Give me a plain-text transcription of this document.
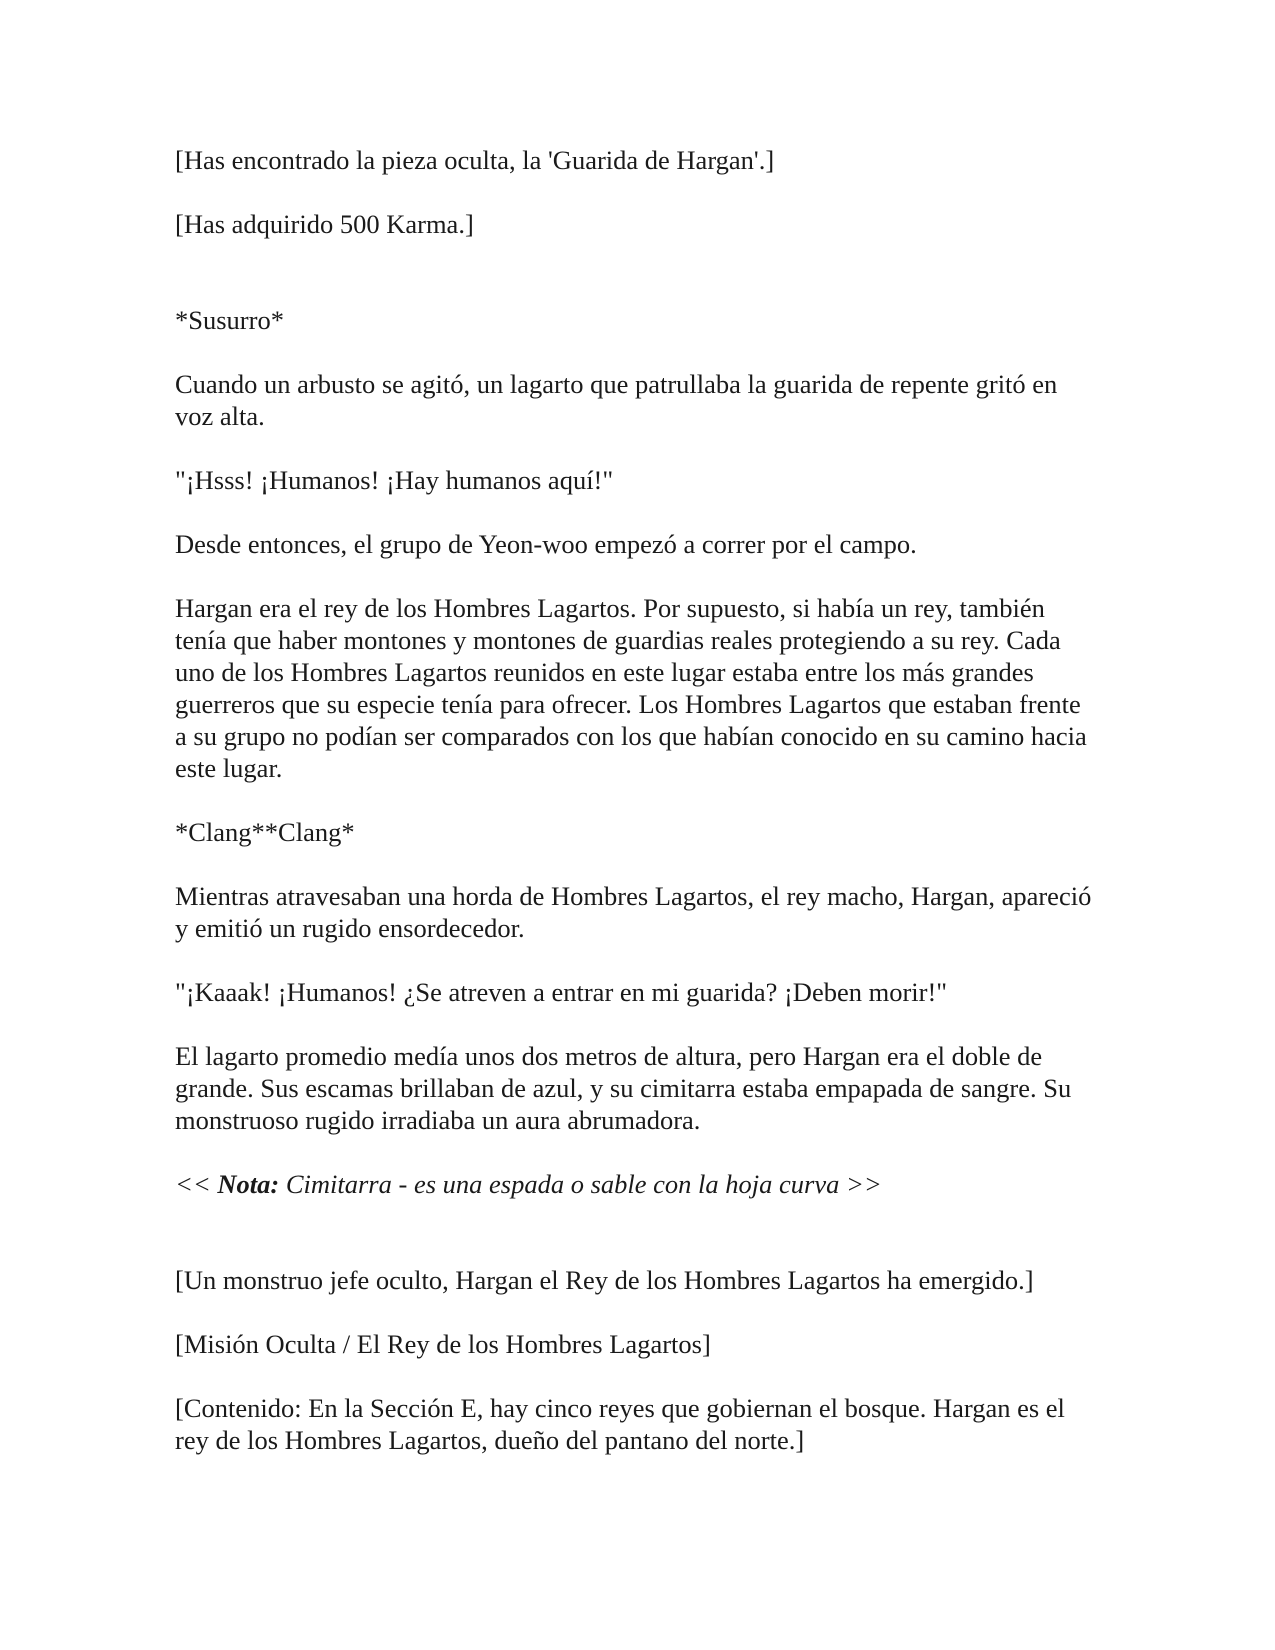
[Has encontrado la pieza oculta, la 'Guarida de Hargan'.]

[Has adquirido 500 Karma.]

*Susurro*

Cuando un arbusto se agitó, un lagarto que patrullaba la guarida de repente gritó en voz alta.

"¡Hsss! ¡Humanos! ¡Hay humanos aquí!"

Desde entonces, el grupo de Yeon-woo empezó a correr por el campo.

Hargan era el rey de los Hombres Lagartos. Por supuesto, si había un rey, también tenía que haber montones y montones de guardias reales protegiendo a su rey. Cada uno de los Hombres Lagartos reunidos en este lugar estaba entre los más grandes guerreros que su especie tenía para ofrecer. Los Hombres Lagartos que estaban frente a su grupo no podían ser comparados con los que habían conocido en su camino hacia este lugar.

*Clang**Clang*

Mientras atravesaban una horda de Hombres Lagartos, el rey macho, Hargan, apareció y emitió un rugido ensordecedor.

"¡Kaaak! ¡Humanos! ¿Se atreven a entrar en mi guarida? ¡Deben morir!"

El lagarto promedio medía unos dos metros de altura, pero Hargan era el doble de grande. Sus escamas brillaban de azul, y su cimitarra estaba empapada de sangre. Su monstruoso rugido irradiaba un aura abrumadora.

<< Nota: Cimitarra - es una espada o sable con la hoja curva >>

[Un monstruo jefe oculto, Hargan el Rey de los Hombres Lagartos ha emergido.]

[Misión Oculta / El Rey de los Hombres Lagartos]

[Contenido: En la Sección E, hay cinco reyes que gobiernan el bosque. Hargan es el rey de los Hombres Lagartos, dueño del pantano del norte.]
